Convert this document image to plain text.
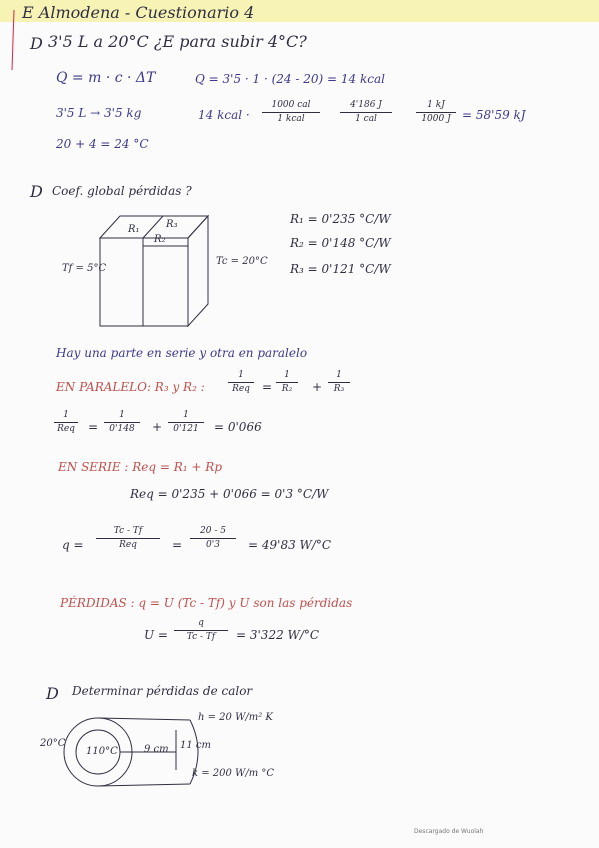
E Almodena - Cuestionario 4
D 3'5 L a 20°C ¿E para subir 4°C?
Q = m · c · ΔT	Q = 3'5 · 1 · (24 - 20) = 14 kcal
3'5 L → 3'5 kg
20 + 4 = 24 °C
14 kcal ·
1000 cal
1 kcal
4'186 J
1 cal
1 kJ
1000 J = 58'59 kJ
D Coef. global pérdidas ?
R₁ = 0'235 °C/W
R₂ = 0'148 °C/W
R₃ = 0'121 °C/W
R₁
R₂
R₃
Tf = 5°C
Tc = 20°C
Hay una parte en serie y otra en paralelo
EN PARALELO: R₃ y R₂ :
1
Req	=
1
R₂	+
1
R₃
1
Req =
1
0'148	+
1
0'121	= 0'066
EN SERIE : Req = R₁ + Rp
Req = 0'235 + 0'066 = 0'3 °C/W
q =
Tc - Tf
Req	=
20 - 5
0'3	= 49'83 W/°C
PÉRDIDAS : q = U (Tc - Tf) y U son las pérdidas
U =
q
Tc - Tf	= 3'322 W/°C
D Determinar pérdidas de calor
h = 20 W/m² K
k = 200 W/m °C
20°C
110°C	9 cm 11 cm
Descargado de Wuolah
